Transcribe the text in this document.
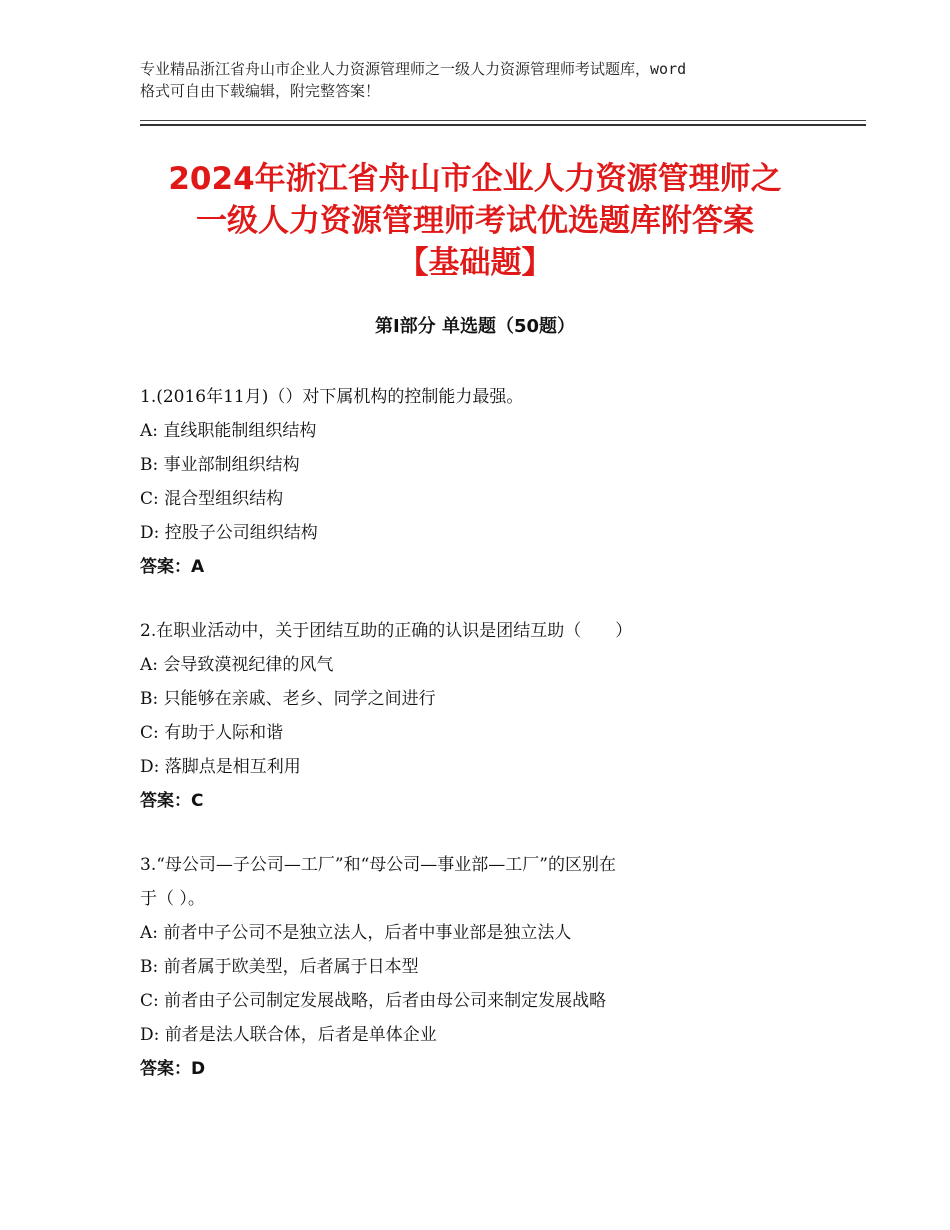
专业精品浙江省舟山市企业人力资源管理师之一级人力资源管理师考试题库，word
格式可自由下载编辑，附完整答案！
2024年浙江省舟山市企业人力资源管理师之
一级人力资源管理师考试优选题库附答案
【基础题】
第Ⅰ部分 单选题（50题）
1.(2016年11月)（）对下属机构的控制能力最强。
A: 直线职能制组织结构
B: 事业部制组织结构
C: 混合型组织结构
D: 控股子公司组织结构
答案：A
2.在职业活动中，关于团结互助的正确的认识是团结互助（　　）
A: 会导致漠视纪律的风气
B: 只能够在亲戚、老乡、同学之间进行
C: 有助于人际和谐
D: 落脚点是相互利用
答案：C
3.“母公司—子公司—工厂”和“母公司—事业部—工厂”的区别在
于（ ）。
A: 前者中子公司不是独立法人，后者中事业部是独立法人
B: 前者属于欧美型，后者属于日本型
C: 前者由子公司制定发展战略，后者由母公司来制定发展战略
D: 前者是法人联合体，后者是单体企业
答案：D
